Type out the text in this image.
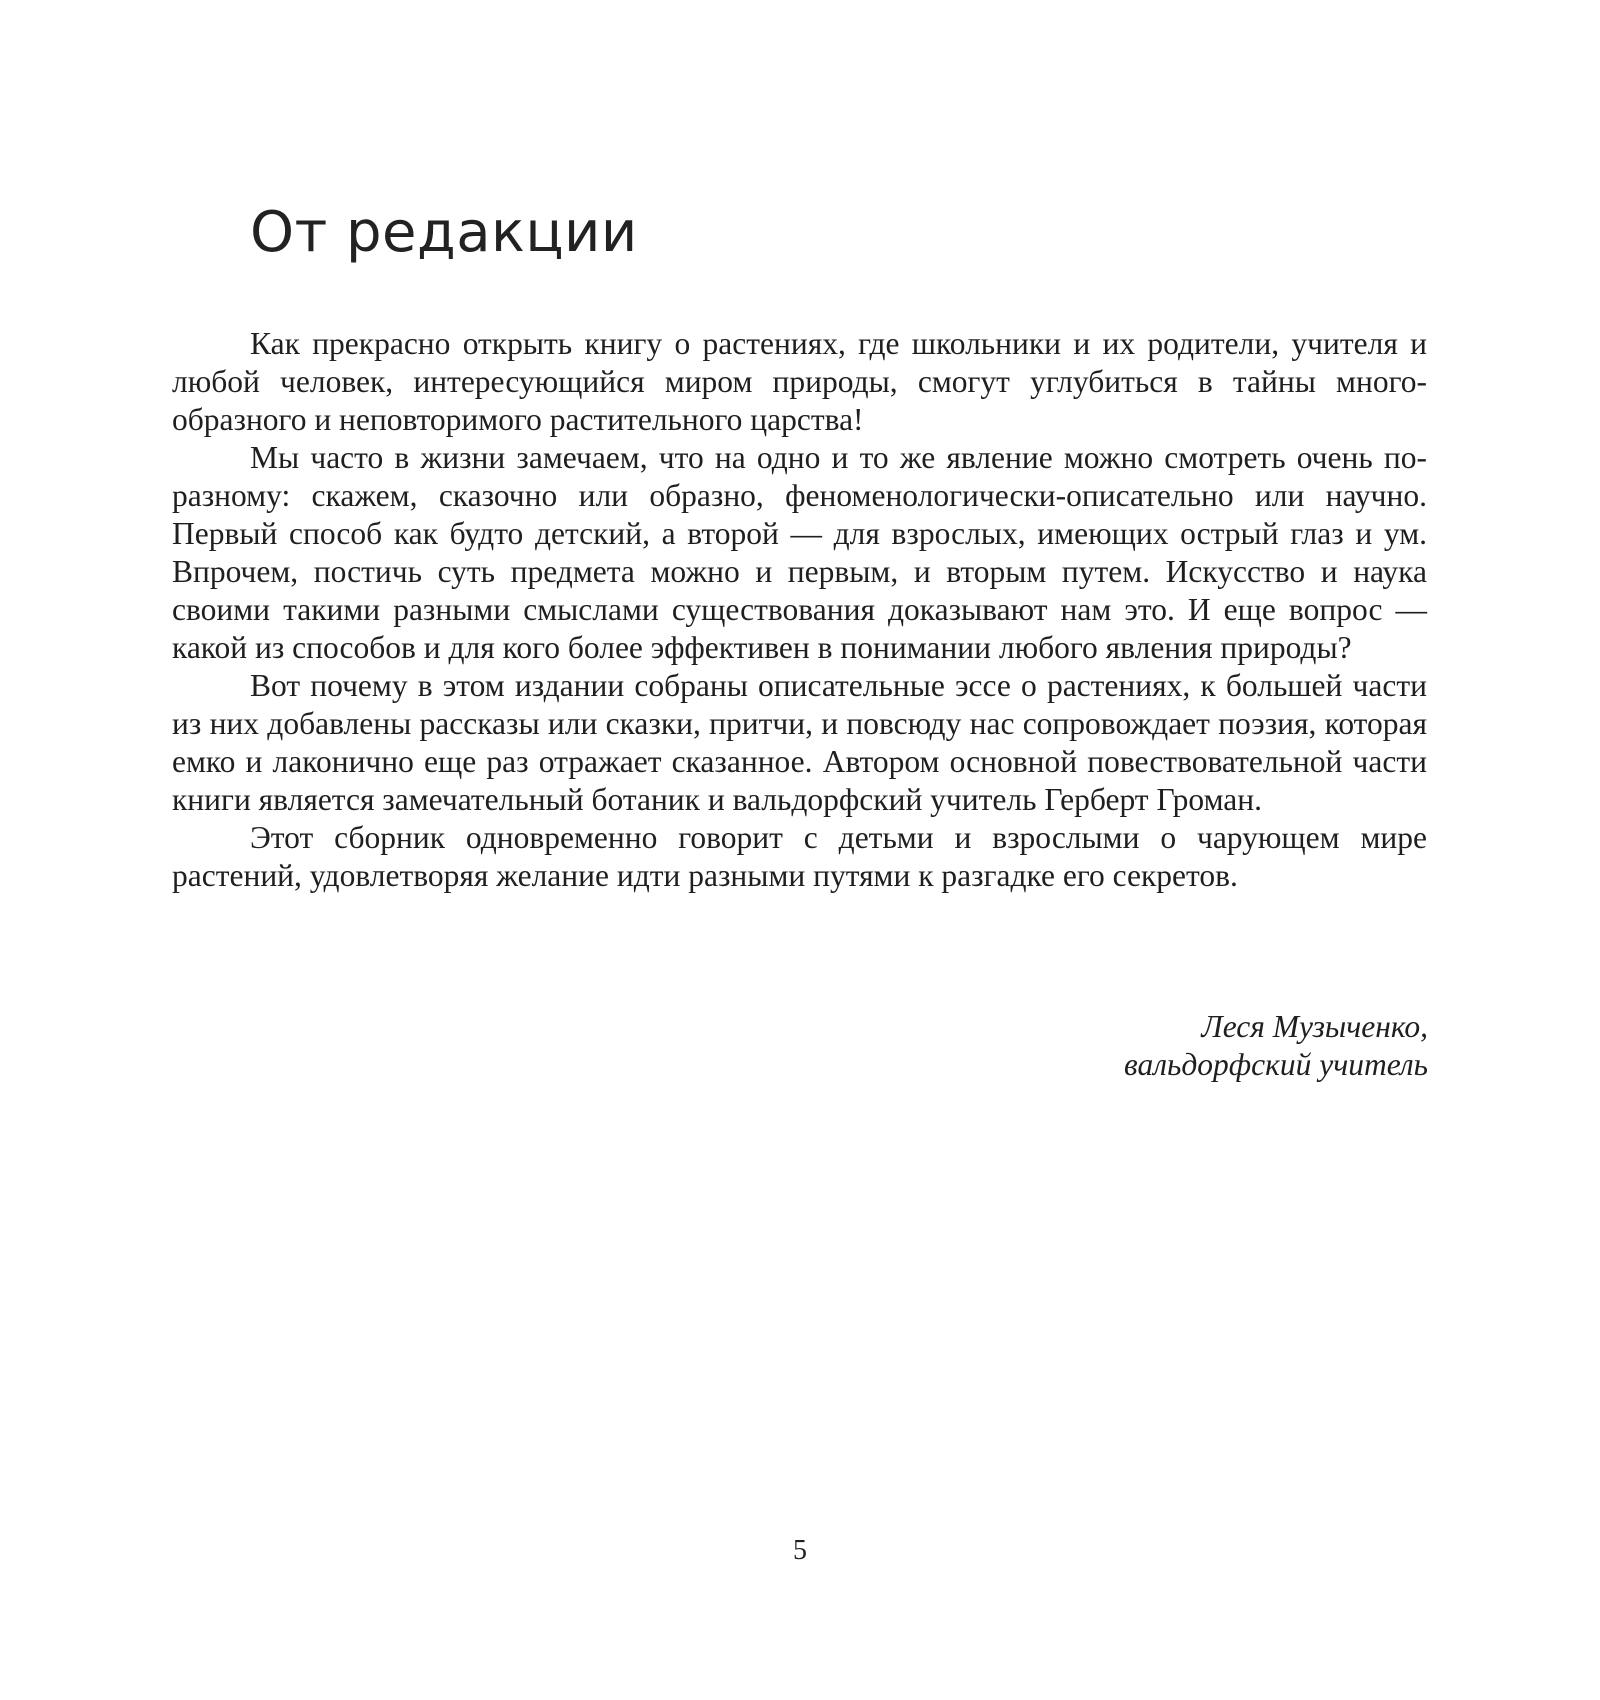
От редакции

Как прекрасно открыть книгу о растениях, где школьники и их родители, учителя и любой человек, интересующийся миром природы, смогут углубиться в тайны многообразного и неповторимого растительного царства!

Мы часто в жизни замечаем, что на одно и то же явление можно смотреть очень по-разному: скажем, сказочно или образно, феноменологически-описательно или научно. Первый способ как будто детский, а второй — для взрослых, имеющих острый глаз и ум. Впрочем, постичь суть предмета можно и первым, и вторым путем. Искусство и наука своими такими разными смыслами существования доказывают нам это. И еще вопрос — какой из способов и для кого более эффективен в понимании любого явления природы?

Вот почему в этом издании собраны описательные эссе о растениях, к большей части из них добавлены рассказы или сказки, притчи, и повсюду нас сопровождает поэзия, которая емко и лаконично еще раз отражает сказанное. Автором основной повествовательной части книги является замечательный ботаник и вальдорфский учитель Герберт Громан.

Этот сборник одновременно говорит с детьми и взрослыми о чарующем мире растений, удовлетворяя желание идти разными путями к разгадке его секретов.

Леся Музыченко,
вальдорфский учитель
5
